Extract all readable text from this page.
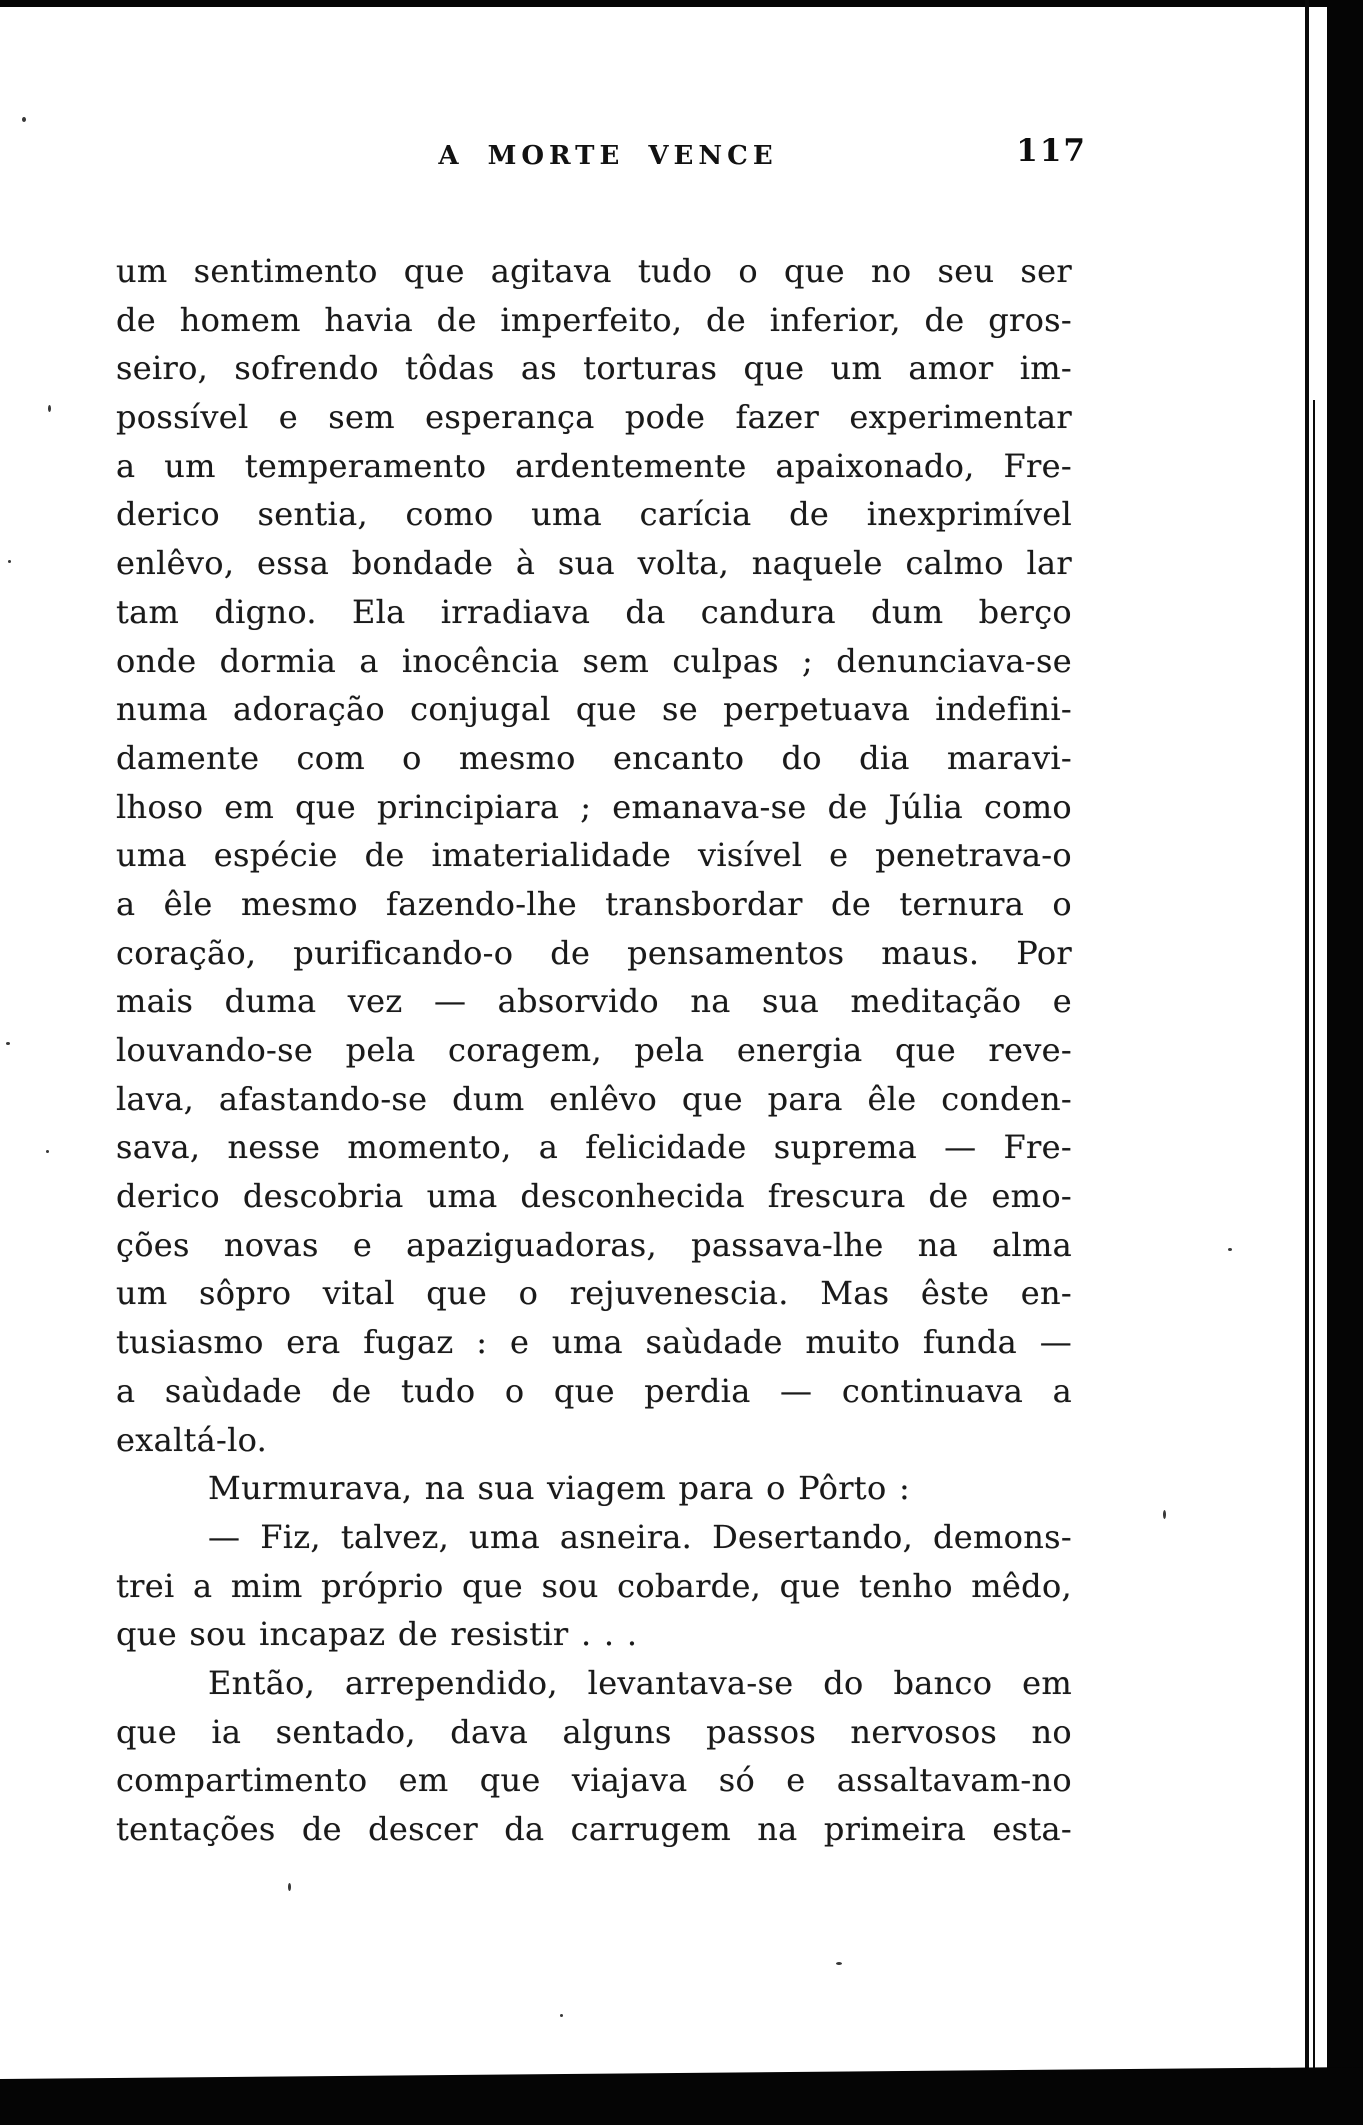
A MORTE VENCE	117
um sentimento que agitava tudo o que no seu ser
de homem havia de imperfeito, de inferior, de gros-
seiro, sofrendo tôdas as torturas que um amor im-
possível e sem esperança pode fazer experimentar
a um temperamento ardentemente apaixonado, Fre-
derico sentia, como uma carícia de inexprimível
enlêvo, essa bondade à sua volta, naquele calmo lar
tam digno. Ela irradiava da candura dum berço
onde dormia a inocência sem culpas ; denunciava-se
numa adoração conjugal que se perpetuava indefini-
damente com o mesmo encanto do dia maravi-
lhoso em que principiara ; emanava-se de Júlia como
uma espécie de imaterialidade visível e penetrava-o
a êle mesmo fazendo-lhe transbordar de ternura o
coração, purificando-o de pensamentos maus. Por
mais duma vez — absorvido na sua meditação e
louvando-se pela coragem, pela energia que reve-
lava, afastando-se dum enlêvo que para êle conden-
sava, nesse momento, a felicidade suprema — Fre-
derico descobria uma desconhecida frescura de emo-
ções novas e apaziguadoras, passava-lhe na alma
um sôpro vital que o rejuvenescia. Mas êste en-
tusiasmo era fugaz : e uma saùdade muito funda —
a saùdade de tudo o que perdia — continuava a
exaltá-lo.
Murmurava, na sua viagem para o Pôrto :
— Fiz, talvez, uma asneira. Desertando, demons-
trei a mim próprio que sou cobarde, que tenho mêdo,
que sou incapaz de resistir . . .
Então, arrependido, levantava-se do banco em
que ia sentado, dava alguns passos nervosos no
compartimento em que viajava só e assaltavam-no
tentações de descer da carrugem na primeira esta-
